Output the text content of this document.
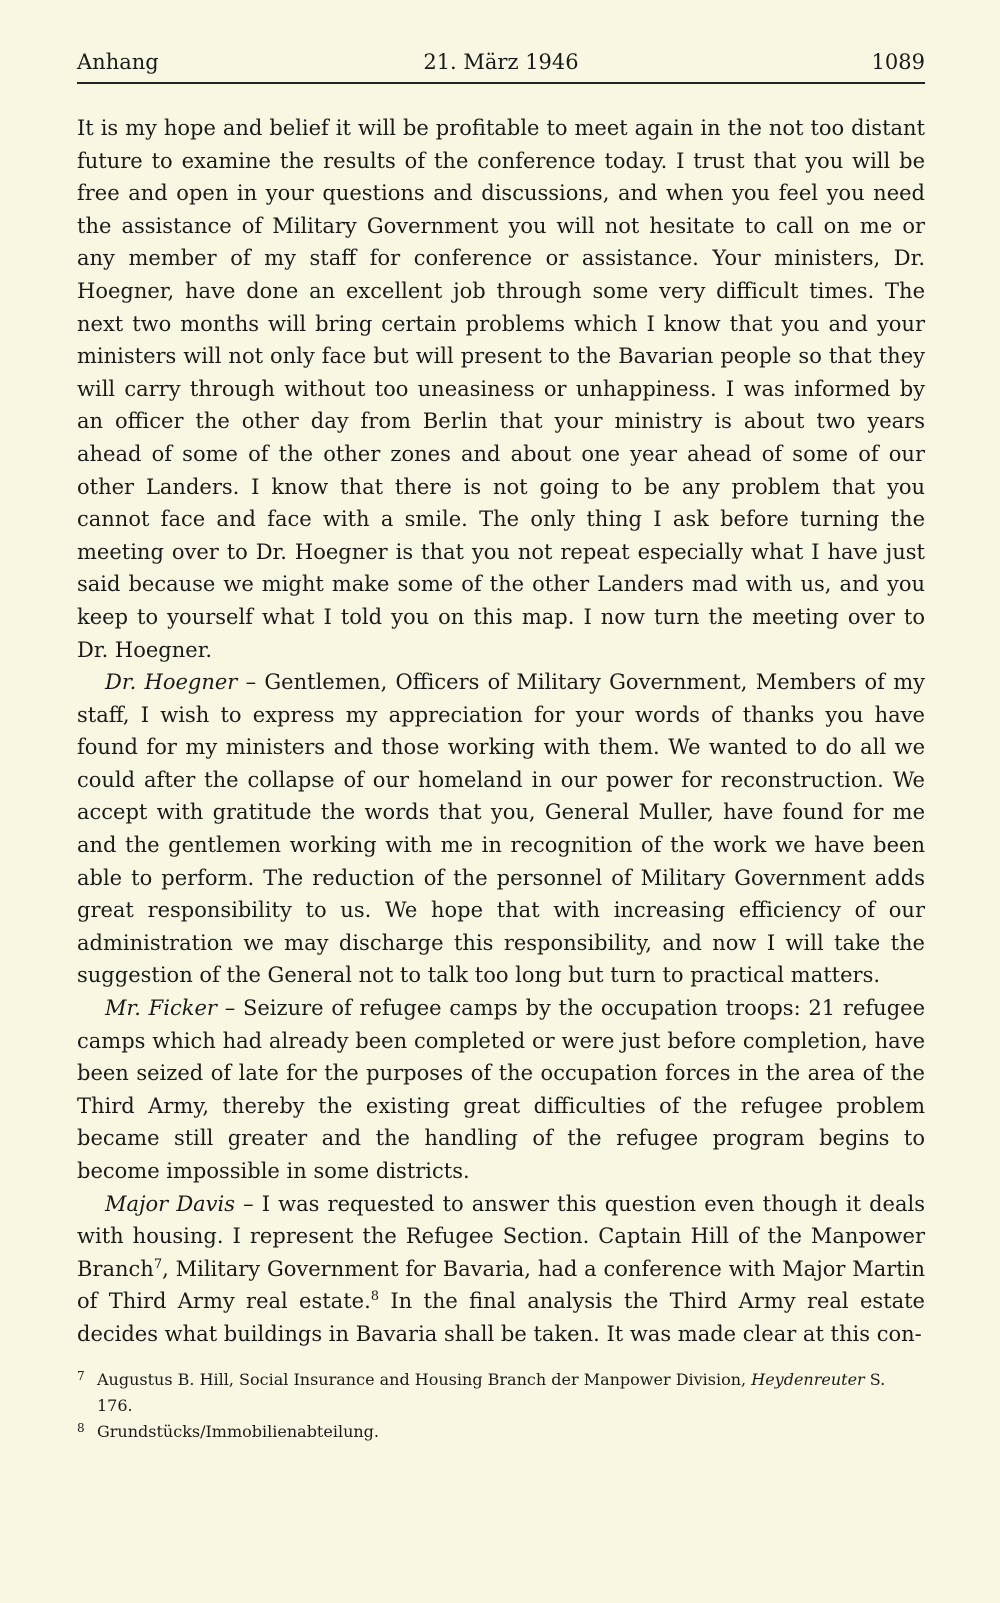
Anhang	21. März 1946	1089

It is my hope and belief it will be profitable to meet again in the not too distant future to examine the results of the conference today. I trust that you will be free and open in your questions and discussions, and when you feel you need the assistance of Military Government you will not hesitate to call on me or any member of my staff for conference or assistance. Your ministers, Dr. Hoegner, have done an excellent job through some very difficult times. The next two months will bring certain problems which I know that you and your ministers will not only face but will present to the Bavarian people so that they will carry through without too uneasiness or unhappiness. I was informed by an officer the other day from Berlin that your ministry is about two years ahead of some of the other zones and about one year ahead of some of our other Landers. I know that there is not going to be any problem that you cannot face and face with a smile. The only thing I ask before turning the meeting over to Dr. Hoegner is that you not repeat especially what I have just said because we might make some of the other Landers mad with us, and you keep to yourself what I told you on this map. I now turn the meeting over to Dr. Hoegner.

Dr. Hoegner – Gentlemen, Officers of Military Government, Members of my staff, I wish to express my appreciation for your words of thanks you have found for my ministers and those working with them. We wanted to do all we could after the collapse of our homeland in our power for reconstruction. We accept with gratitude the words that you, General Muller, have found for me and the gentlemen working with me in recognition of the work we have been able to perform. The reduction of the personnel of Military Government adds great responsibility to us. We hope that with increasing efficiency of our administration we may discharge this responsibility, and now I will take the suggestion of the General not to talk too long but turn to practical matters.

Mr. Ficker – Seizure of refugee camps by the occupation troops: 21 refugee camps which had already been completed or were just before completion, have been seized of late for the purposes of the occupation forces in the area of the Third Army, thereby the existing great difficulties of the refugee problem became still greater and the handling of the refugee program begins to become impossible in some districts.

Major Davis – I was requested to answer this question even though it deals with housing. I represent the Refugee Section. Captain Hill of the Manpower Branch$^7$, Military Government for Bavaria, had a conference with Major Martin of Third Army real estate.$^8$ In the final analysis the Third Army real estate decides what buildings in Bavaria shall be taken. It was made clear at this con-

7 Augustus B. Hill, Social Insurance and Housing Branch der Manpower Division, Heydenreuter S. 176.
8 Grundstücks/Immobilienabteilung.
